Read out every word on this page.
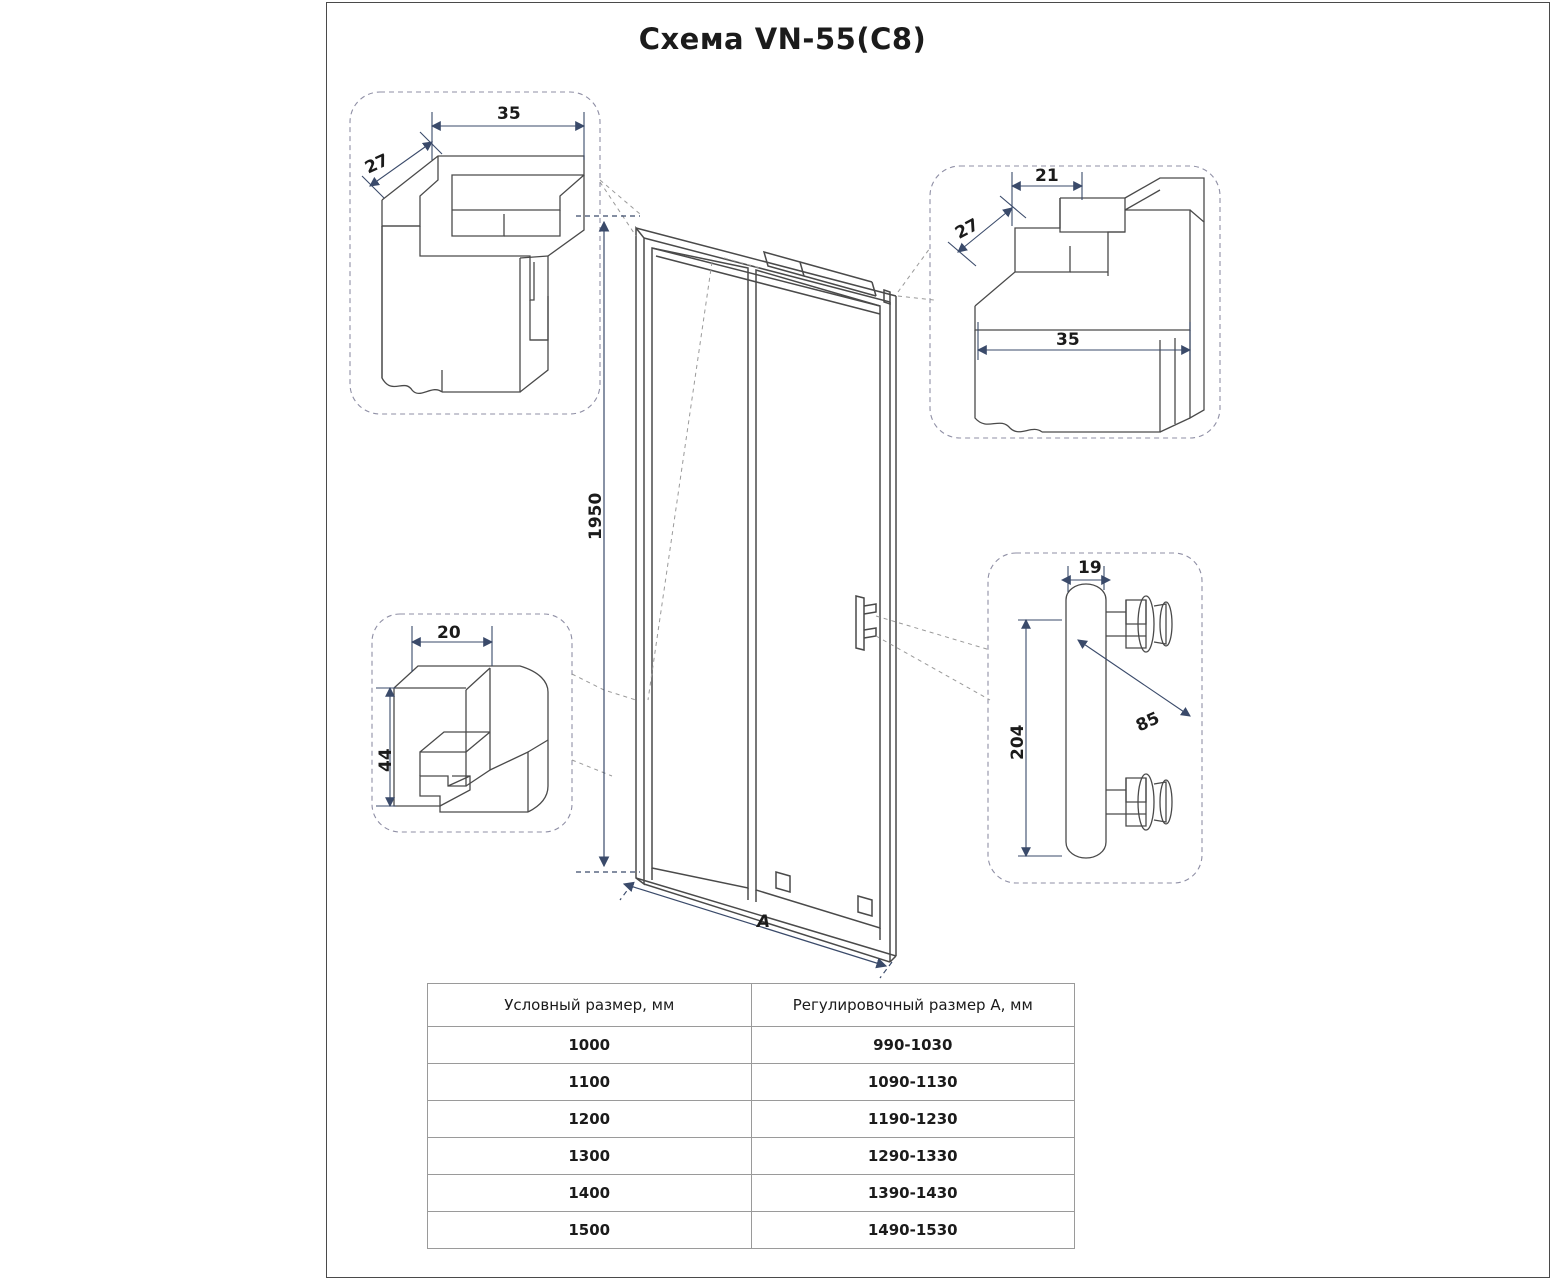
Схема VN-55(С8)
35
27	21
27
35
20
44
19
204
85
1950
A
Условный размер, мм	Регулировочный размер А, мм
1000	990-1030
1100	1090-1130
1200	1190-1230
1300	1290-1330
1400	1390-1430
1500	1490-1530
